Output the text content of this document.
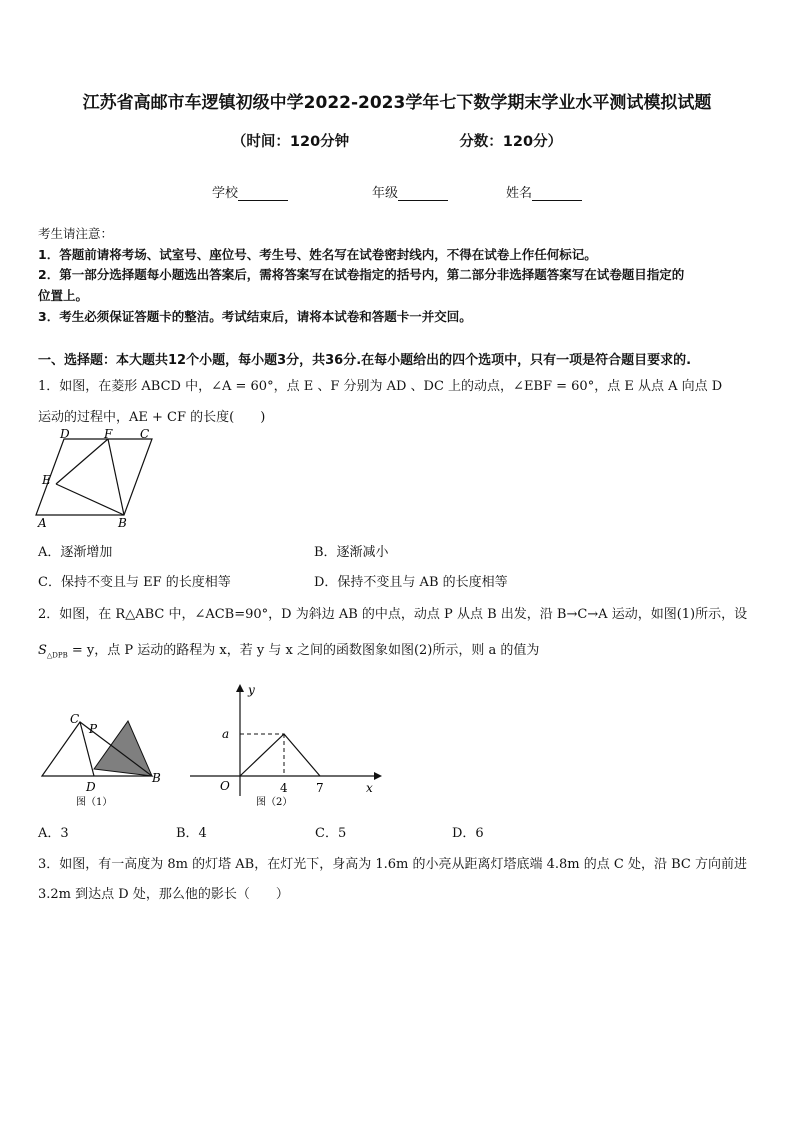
江苏省高邮市车逻镇初级中学2022-2023学年七下数学期末学业水平测试模拟试题
（时间：120分钟	分数：120分）
学校	年级	姓名
考生请注意：
1．答题前请将考场、试室号、座位号、考生号、姓名写在试卷密封线内，不得在试卷上作任何标记。
2．第一部分选择题每小题选出答案后，需将答案写在试卷指定的括号内，第二部分非选择题答案写在试卷题目指定的
位置上。
3．考生必须保证答题卡的整洁。考试结束后，请将本试卷和答题卡一并交回。
一、选择题：本大题共12个小题，每小题3分，共36分.在每小题给出的四个选项中，只有一项是符合题目要求的.
1．如图，在菱形 ABCD 中，∠A = 60°，点 E 、F 分别为 AD 、DC 上的动点，∠EBF = 60°，点 E 从点 A 向点 D
运动的过程中，AE + CF 的长度(　　)
D	F C
E
A	B
A．逐渐增加	B．逐渐减小
C．保持不变且与 EF 的长度相等	D．保持不变且与 AB 的长度相等
2．如图，在 R△ABC 中，∠ACB=90°，D 为斜边 AB 的中点，动点 P 从点 B 出发，沿 B→C→A 运动，如图(1)所示，设
$S_{\triangle DPB} = y$，点 P 运动的路程为 x，若 y 与 x 之间的函数图象如图(2)所示，则 a 的值为
C
P
D
B
图（1）
y
a
O	4 7	x
图（2）
A．3	B．4	C．5	D．6
3．如图，有一高度为 8m 的灯塔 AB，在灯光下，身高为 1.6m 的小亮从距离灯塔底端 4.8m 的点 C 处，沿 BC 方向前进
3.2m 到达点 D 处，那么他的影长（　　）
